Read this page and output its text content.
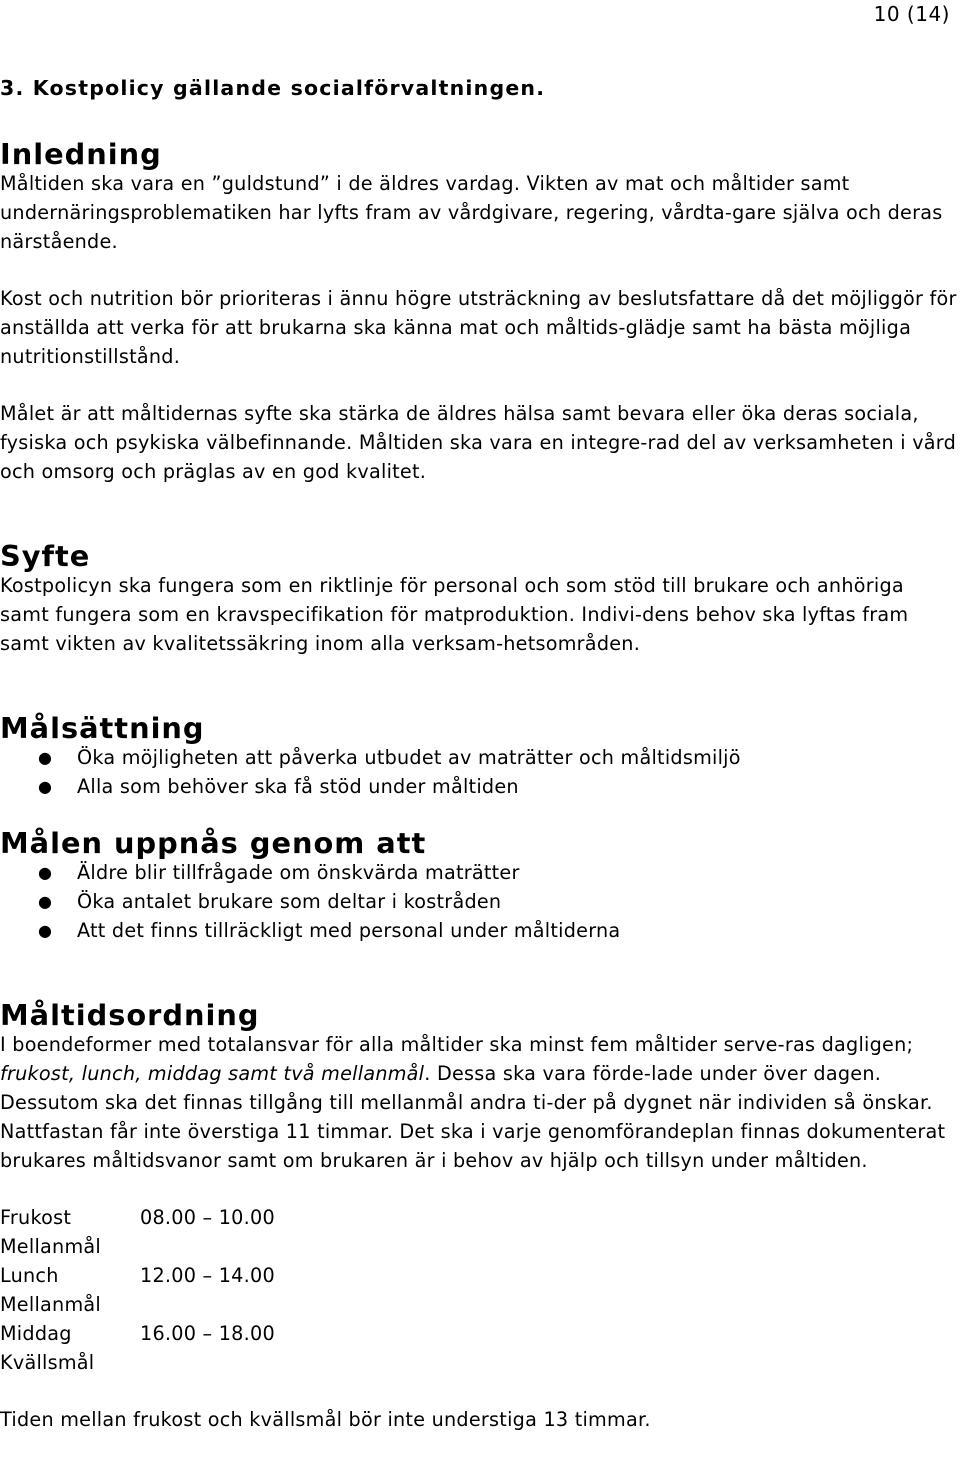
10 (14)
3. Kostpolicy gällande socialförvaltningen.
Inledning

Måltiden ska vara en ”guldstund” i de äldres vardag. Vikten av mat och måltider samt undernäringsproblematiken har lyfts fram av vårdgivare, regering, vårdta-gare själva och deras närstående.

Kost och nutrition bör prioriteras i ännu högre utsträckning av beslutsfattare då det möjliggör för anställda att verka för att brukarna ska känna mat och måltids-glädje samt ha bästa möjliga nutritionstillstånd.

Målet är att måltidernas syfte ska stärka de äldres hälsa samt bevara eller öka deras sociala, fysiska och psykiska välbefinnande. Måltiden ska vara en integre-rad del av verksamheten i vård och omsorg och präglas av en god kvalitet.

Syfte

Kostpolicyn ska fungera som en riktlinje för personal och som stöd till brukare och anhöriga samt fungera som en kravspecifikation för matproduktion. Indivi-dens behov ska lyftas fram samt vikten av kvalitetssäkring inom alla verksam-hetsområden.

Målsättning
● Öka möjligheten att påverka utbudet av maträtter och måltidsmiljö
● Alla som behöver ska få stöd under måltiden
Målen uppnås genom att
● Äldre blir tillfrågade om önskvärda maträtter
● Öka antalet brukare som deltar i kostråden
● Att det finns tillräckligt med personal under måltiderna
Måltidsordning

I boendeformer med totalansvar för alla måltider ska minst fem måltider serve-ras dagligen; frukost, lunch, middag samt två mellanmål. Dessa ska vara förde-lade under över dagen. Dessutom ska det finnas tillgång till mellanmål andra ti-der på dygnet när individen så önskar. Nattfastan får inte överstiga 11 timmar. Det ska i varje genomförandeplan finnas dokumenterat brukares måltidsvanor samt om brukaren är i behov av hjälp och tillsyn under måltiden.

Frukost	08.00 – 10.00
Mellanmål
Lunch	12.00 – 14.00
Mellanmål
Middag	16.00 – 18.00
Kvällsmål

Tiden mellan frukost och kvällsmål bör inte understiga 13 timmar.
